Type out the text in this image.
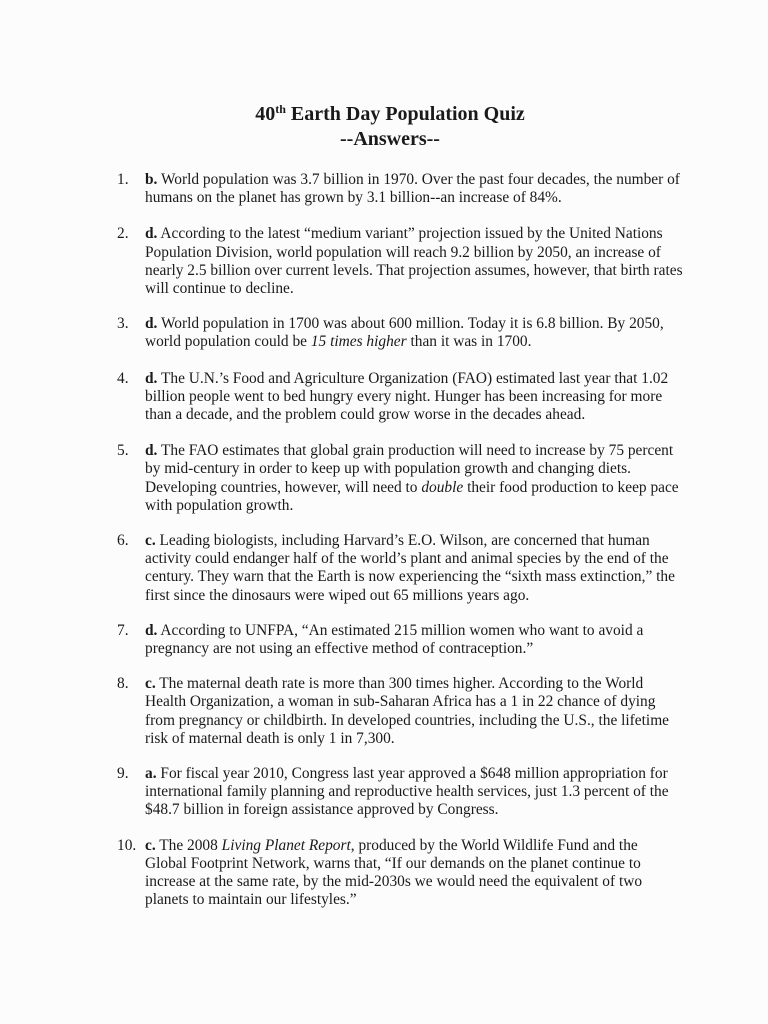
40th Earth Day Population Quiz
--Answers--
1. b. World population was 3.7 billion in 1970. Over the past four decades, the number of humans on the planet has grown by 3.1 billion--an increase of 84%.
2. d. According to the latest “medium variant” projection issued by the United Nations Population Division, world population will reach 9.2 billion by 2050, an increase of nearly 2.5 billion over current levels. That projection assumes, however, that birth rates will continue to decline.
3. d. World population in 1700 was about 600 million. Today it is 6.8 billion. By 2050, world population could be 15 times higher than it was in 1700.
4. d. The U.N.’s Food and Agriculture Organization (FAO) estimated last year that 1.02 billion people went to bed hungry every night. Hunger has been increasing for more than a decade, and the problem could grow worse in the decades ahead.
5. d. The FAO estimates that global grain production will need to increase by 75 percent by mid-century in order to keep up with population growth and changing diets. Developing countries, however, will need to double their food production to keep pace with population growth.
6. c. Leading biologists, including Harvard’s E.O. Wilson, are concerned that human activity could endanger half of the world’s plant and animal species by the end of the century. They warn that the Earth is now experiencing the “sixth mass extinction,” the first since the dinosaurs were wiped out 65 millions years ago.
7. d. According to UNFPA, “An estimated 215 million women who want to avoid a pregnancy are not using an effective method of contraception.”
8. c. The maternal death rate is more than 300 times higher. According to the World Health Organization, a woman in sub-Saharan Africa has a 1 in 22 chance of dying from pregnancy or childbirth. In developed countries, including the U.S., the lifetime risk of maternal death is only 1 in 7,300.
9. a. For fiscal year 2010, Congress last year approved a $648 million appropriation for international family planning and reproductive health services, just 1.3 percent of the $48.7 billion in foreign assistance approved by Congress.
10. c. The 2008 Living Planet Report, produced by the World Wildlife Fund and the Global Footprint Network, warns that, “If our demands on the planet continue to increase at the same rate, by the mid-2030s we would need the equivalent of two planets to maintain our lifestyles.”
